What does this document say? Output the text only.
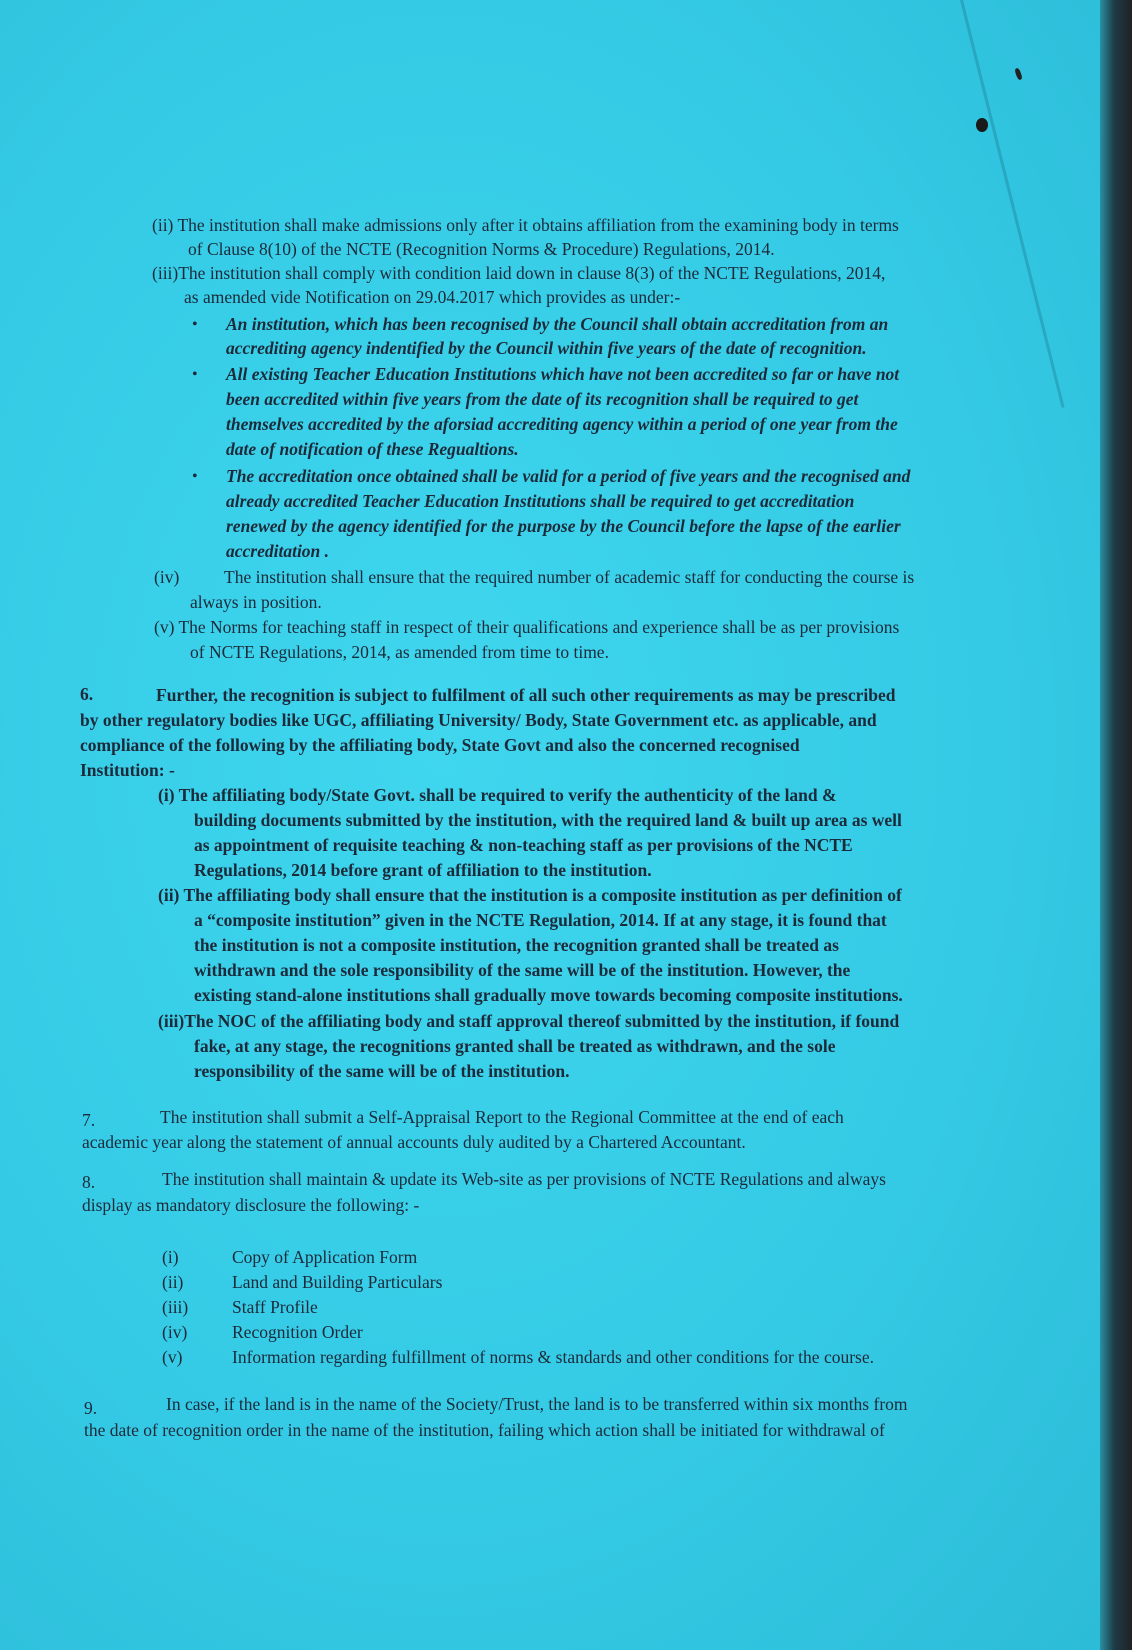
(ii) The institution shall make admissions only after it obtains affiliation from the examining body in terms
of Clause 8(10) of the NCTE (Recognition Norms & Procedure) Regulations, 2014.
(iii)The institution shall comply with condition laid down in clause 8(3) of the NCTE Regulations, 2014,
as amended vide Notification on 29.04.2017 which provides as under:-
• An institution, which has been recognised by the Council shall obtain accreditation from an
accrediting agency indentified by the Council within five years of the date of recognition.
• All existing Teacher Education Institutions which have not been accredited so far or have not
been accredited within five years from the date of its recognition shall be required to get
themselves accredited by the aforsiad accrediting agency within a period of one year from the
date of notification of these Regualtions.
• The accreditation once obtained shall be valid for a period of five years and the recognised and
already accredited Teacher Education Institutions shall be required to get accreditation
renewed by the agency identified for the purpose by the Council before the lapse of the earlier
accreditation .
(iv)	The institution shall ensure that the required number of academic staff for conducting the course is
always in position.
(v) The Norms for teaching staff in respect of their qualifications and experience shall be as per provisions
of NCTE Regulations, 2014, as amended from time to time.
6.	Further, the recognition is subject to fulfilment of all such other requirements as may be prescribed
by other regulatory bodies like UGC, affiliating University/ Body, State Government etc. as applicable, and
compliance of the following by the affiliating body, State Govt and also the concerned recognised
Institution: -
(i) The affiliating body/State Govt. shall be required to verify the authenticity of the land &
building documents submitted by the institution, with the required land & built up area as well
as appointment of requisite teaching & non-teaching staff as per provisions of the NCTE
Regulations, 2014 before grant of affiliation to the institution.
(ii) The affiliating body shall ensure that the institution is a composite institution as per definition of
a “composite institution” given in the NCTE Regulation, 2014. If at any stage, it is found that
the institution is not a composite institution, the recognition granted shall be treated as
withdrawn and the sole responsibility of the same will be of the institution. However, the
existing stand-alone institutions shall gradually move towards becoming composite institutions.
(iii)The NOC of the affiliating body and staff approval thereof submitted by the institution, if found
fake, at any stage, the recognitions granted shall be treated as withdrawn, and the sole
responsibility of the same will be of the institution.
7.	The institution shall submit a Self-Appraisal Report to the Regional Committee at the end of each
academic year along the statement of annual accounts duly audited by a Chartered Accountant.
8.	The institution shall maintain & update its Web-site as per provisions of NCTE Regulations and always
display as mandatory disclosure the following: -
(i)	Copy of Application Form
(ii)	Land and Building Particulars
(iii)	Staff Profile
(iv)	Recognition Order
(v)	Information regarding fulfillment of norms & standards and other conditions for the course.
9.	In case, if the land is in the name of the Society/Trust, the land is to be transferred within six months from
the date of recognition order in the name of the institution, failing which action shall be initiated for withdrawal of
